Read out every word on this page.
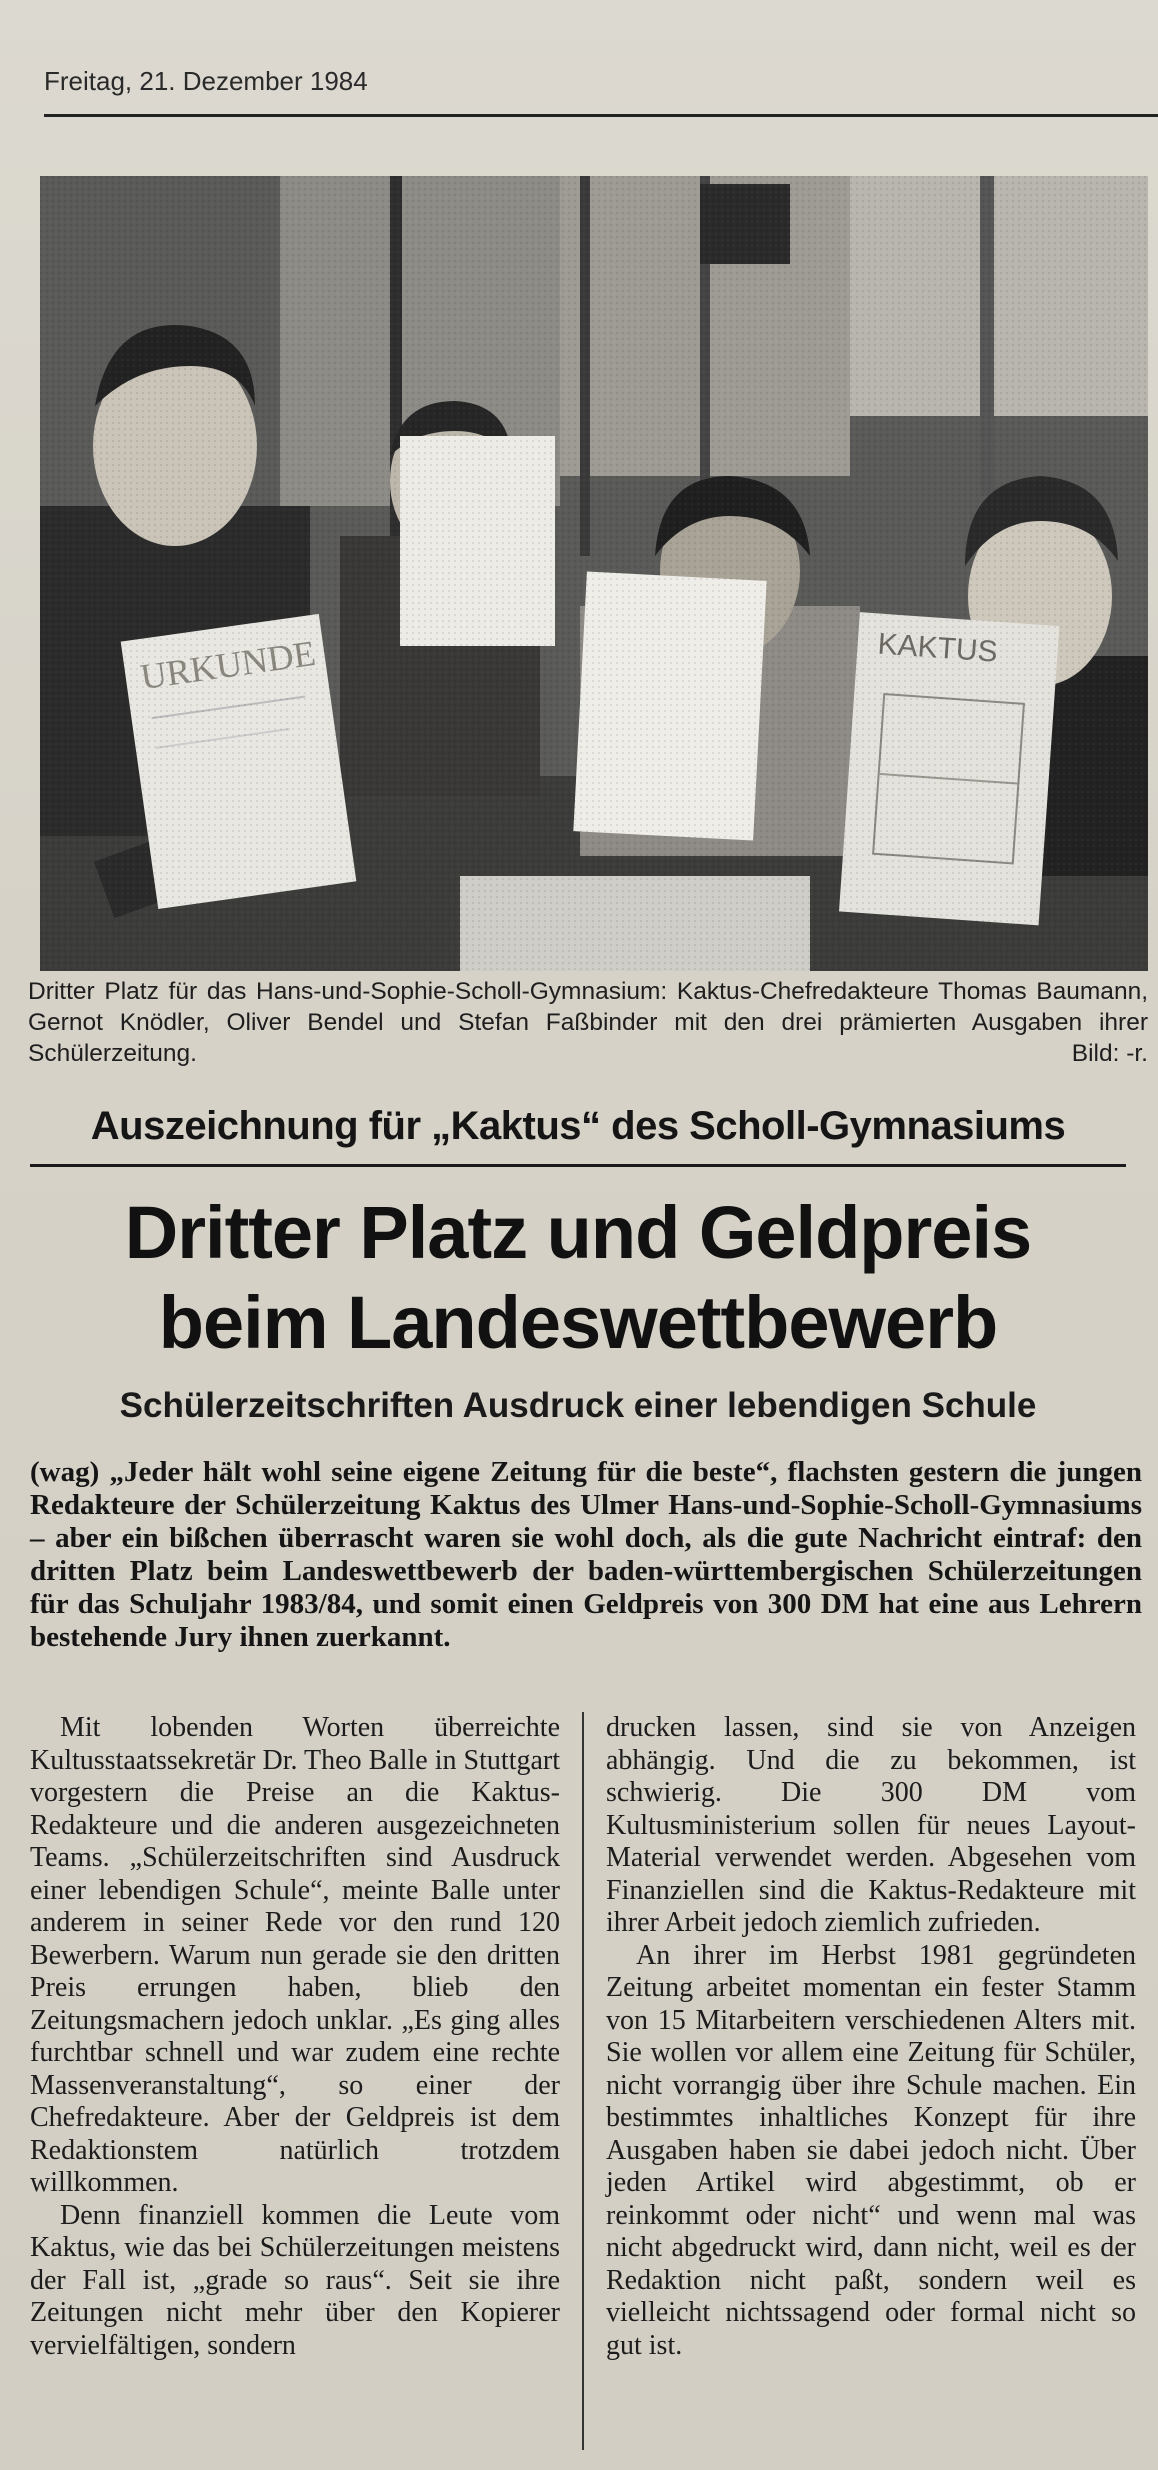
Freitag, 21. Dezember 1984
Dritter Platz für das Hans-und-Sophie-Scholl-Gymnasium: Kaktus-Chefredakteure Thomas Baumann, Gernot Knödler, Oliver Bendel und Stefan Faßbinder mit den drei prämierten Ausgaben ihrer Schülerzeitung.	Bild: -r.
Auszeichnung für „Kaktus“ des Scholl-Gymnasiums
Dritter Platz und Geldpreis
beim Landeswettbewerb
Schülerzeitschriften Ausdruck einer lebendigen Schule
(wag) „Jeder hält wohl seine eigene Zeitung für die beste“, flachsten gestern die jungen Redakteure der Schülerzeitung Kaktus des Ulmer Hans-und-Sophie-Scholl-Gymnasiums – aber ein bißchen überrascht waren sie wohl doch, als die gute Nachricht eintraf: den dritten Platz beim Landeswettbewerb der baden-württembergischen Schülerzeitungen für das Schuljahr 1983/84, und somit einen Geldpreis von 300 DM hat eine aus Lehrern bestehende Jury ihnen zuerkannt.

Mit lobenden Worten überreichte Kultusstaatssekretär Dr. Theo Balle in Stuttgart vorgestern die Preise an die Kaktus-Redakteure und die anderen ausgezeichneten Teams. „Schülerzeitschriften sind Ausdruck einer lebendigen Schule“, meinte Balle unter anderem in seiner Rede vor den rund 120 Bewerbern. Warum nun gerade sie den dritten Preis errungen haben, blieb den Zeitungsmachern jedoch unklar. „Es ging alles furchtbar schnell und war zudem eine rechte Massenveranstaltung“, so einer der Chefredakteure. Aber der Geldpreis ist dem Redaktionstem natürlich trotzdem willkommen.

Denn finanziell kommen die Leute vom Kaktus, wie das bei Schülerzeitungen meistens der Fall ist, „grade so raus“. Seit sie ihre Zeitungen nicht mehr über den Kopierer vervielfältigen, sondern

drucken lassen, sind sie von Anzeigen abhängig. Und die zu bekommen, ist schwierig. Die 300 DM vom Kultusministerium sollen für neues Layout-Material verwendet werden. Abgesehen vom Finanziellen sind die Kaktus-Redakteure mit ihrer Arbeit jedoch ziemlich zufrieden.

An ihrer im Herbst 1981 gegründeten Zeitung arbeitet momentan ein fester Stamm von 15 Mitarbeitern verschiedenen Alters mit. Sie wollen vor allem eine Zeitung für Schüler, nicht vorrangig über ihre Schule machen. Ein bestimmtes inhaltliches Konzept für ihre Ausgaben haben sie dabei jedoch nicht. Über jeden Artikel wird abgestimmt, ob er reinkommt oder nicht“ und wenn mal was nicht abgedruckt wird, dann nicht, weil es der Redaktion nicht paßt, sondern weil es vielleicht nichtssagend oder formal nicht so gut ist.
